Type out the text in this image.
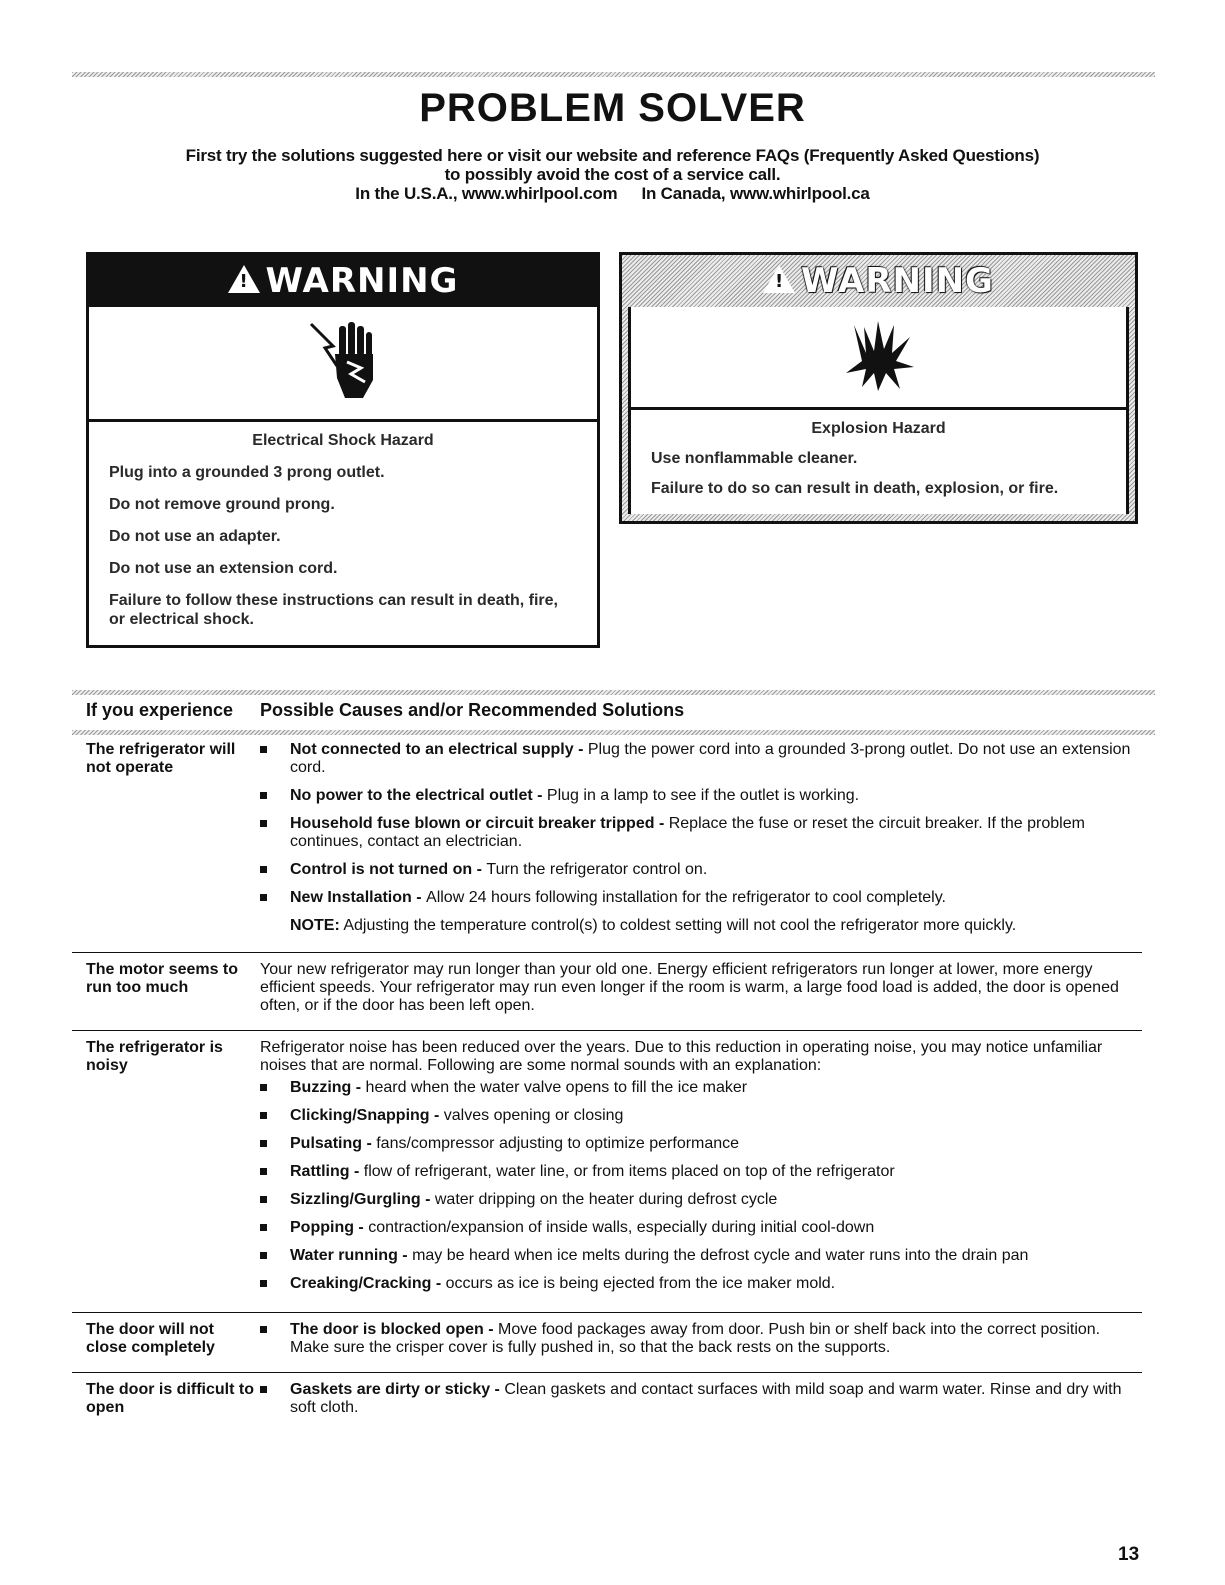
PROBLEM SOLVER
First try the solutions suggested here or visit our website and reference FAQs (Frequently Asked Questions)
to possibly avoid the cost of a service call.
In the U.S.A., www.whirlpool.com In Canada, www.whirlpool.ca
! WARNING
Electrical Shock Hazard
Plug into a grounded 3 prong outlet.
Do not remove ground prong.
Do not use an adapter.
Do not use an extension cord.
Failure to follow these instructions can result in death, fire, or electrical shock.
! WARNING
Explosion Hazard
Use nonflammable cleaner.
Failure to do so can result in death, explosion, or fire.
If you experience Possible Causes and/or Recommended Solutions
The refrigerator will not operate
Not connected to an electrical supply - Plug the power cord into a grounded 3-prong outlet. Do not use an extension cord.
No power to the electrical outlet - Plug in a lamp to see if the outlet is working.
Household fuse blown or circuit breaker tripped - Replace the fuse or reset the circuit breaker. If the problem continues, contact an electrician.
Control is not turned on - Turn the refrigerator control on.
New Installation - Allow 24 hours following installation for the refrigerator to cool completely.
NOTE: Adjusting the temperature control(s) to coldest setting will not cool the refrigerator more quickly.
The motor seems to run too much
Your new refrigerator may run longer than your old one. Energy efficient refrigerators run longer at lower, more energy efficient speeds. Your refrigerator may run even longer if the room is warm, a large food load is added, the door is opened often, or if the door has been left open.
The refrigerator is noisy
Refrigerator noise has been reduced over the years. Due to this reduction in operating noise, you may notice unfamiliar noises that are normal. Following are some normal sounds with an explanation:
Buzzing - heard when the water valve opens to fill the ice maker
Clicking/Snapping - valves opening or closing
Pulsating - fans/compressor adjusting to optimize performance
Rattling - flow of refrigerant, water line, or from items placed on top of the refrigerator
Sizzling/Gurgling - water dripping on the heater during defrost cycle
Popping - contraction/expansion of inside walls, especially during initial cool-down
Water running - may be heard when ice melts during the defrost cycle and water runs into the drain pan
Creaking/Cracking - occurs as ice is being ejected from the ice maker mold.
The door will not close completely
The door is blocked open - Move food packages away from door. Push bin or shelf back into the correct position. Make sure the crisper cover is fully pushed in, so that the back rests on the supports.
The door is difficult to open
Gaskets are dirty or sticky - Clean gaskets and contact surfaces with mild soap and warm water. Rinse and dry with soft cloth.
13
